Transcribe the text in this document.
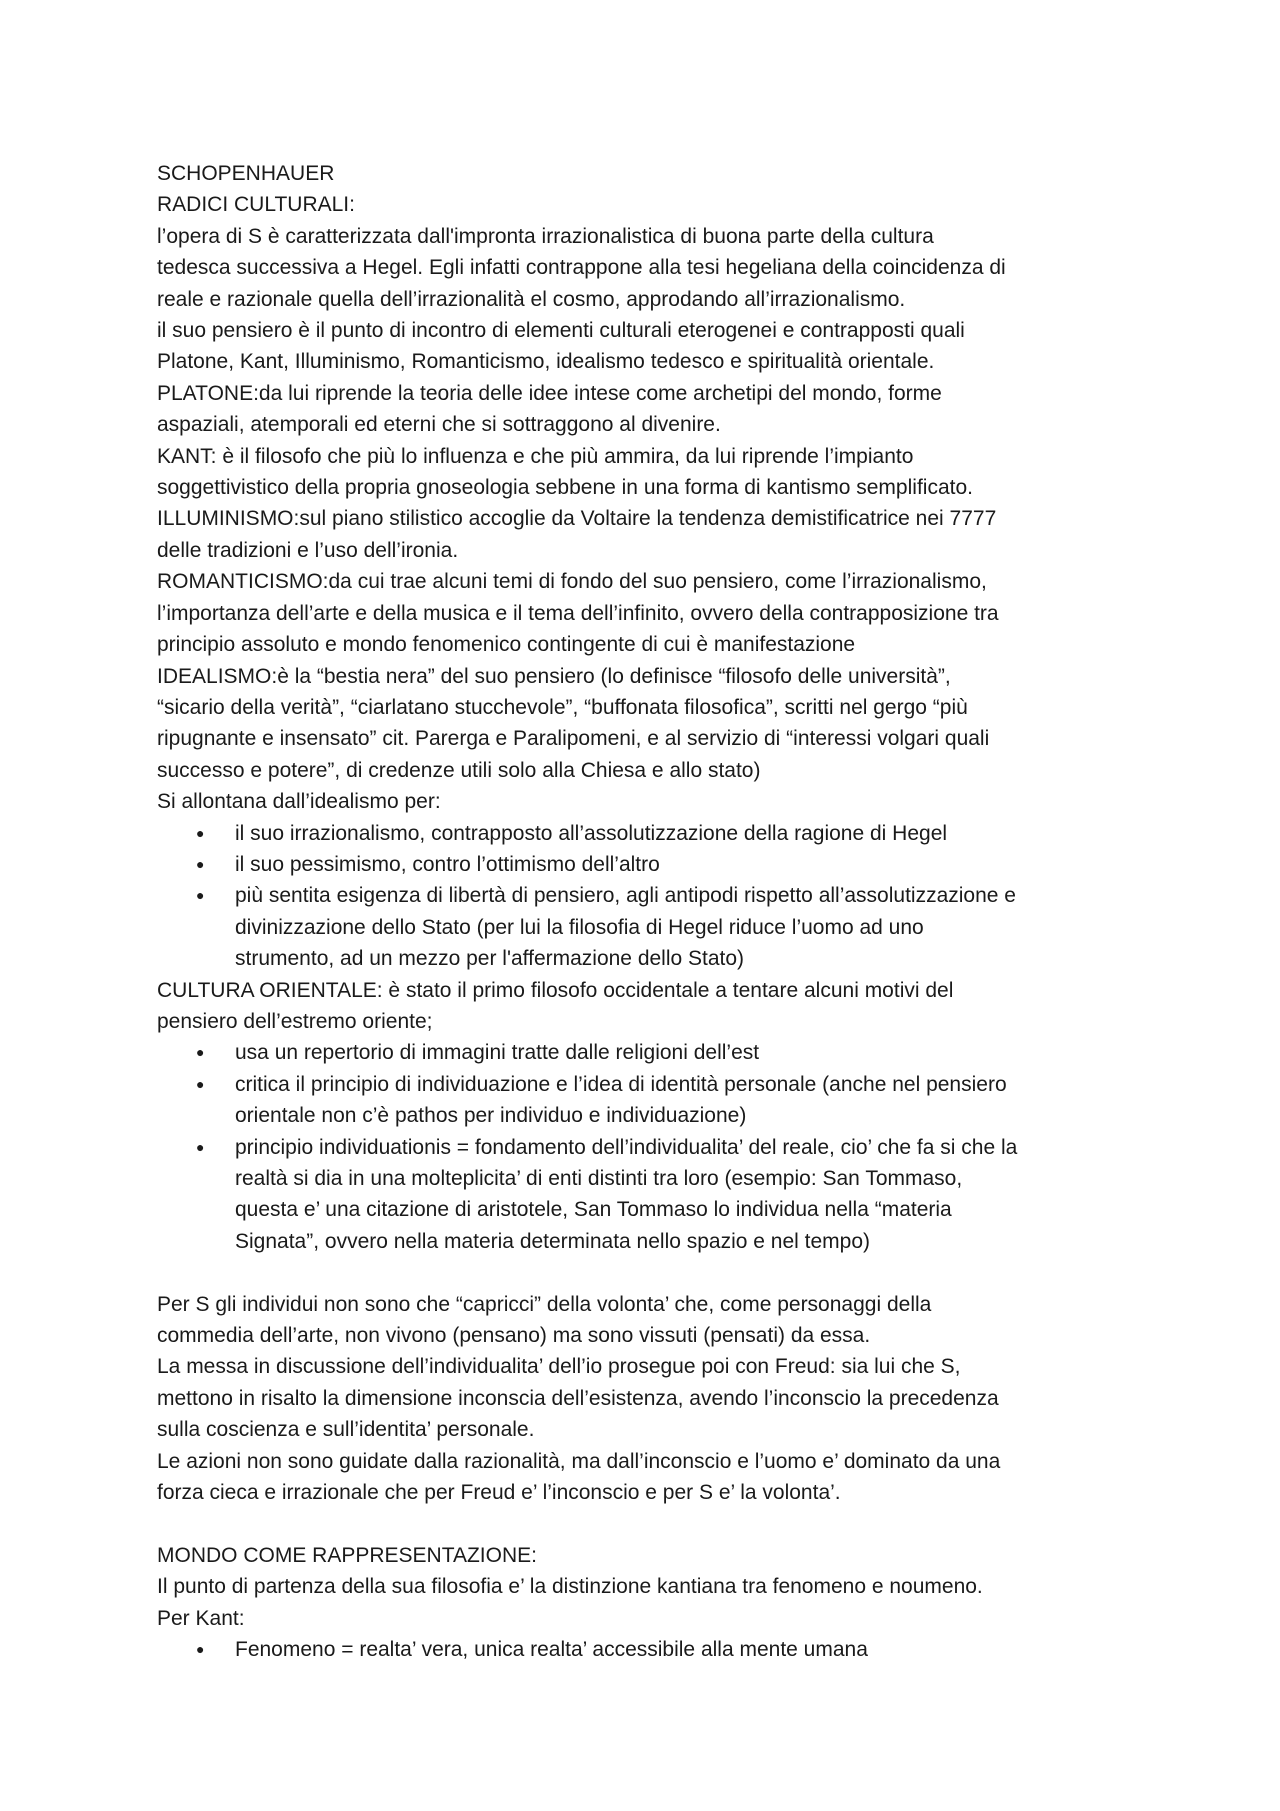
SCHOPENHAUER
RADICI CULTURALI:
l’opera di S è caratterizzata dall'impronta irrazionalistica di buona parte della cultura
tedesca successiva a Hegel. Egli infatti contrappone alla tesi hegeliana della coincidenza di
reale e razionale quella dell’irrazionalità el cosmo, approdando all’irrazionalismo.
il suo pensiero è il punto di incontro di elementi culturali eterogenei e contrapposti quali
Platone, Kant, Illuminismo, Romanticismo, idealismo tedesco e spiritualità orientale.
PLATONE:da lui riprende la teoria delle idee intese come archetipi del mondo, forme
aspaziali, atemporali ed eterni che si sottraggono al divenire.
KANT: è il filosofo che più lo influenza e che più ammira, da lui riprende l’impianto
soggettivistico della propria gnoseologia sebbene in una forma di kantismo semplificato.
ILLUMINISMO:sul piano stilistico accoglie da Voltaire la tendenza demistificatrice nei 7777
delle tradizioni e l’uso dell’ironia.
ROMANTICISMO:da cui trae alcuni temi di fondo del suo pensiero, come l’irrazionalismo,
l’importanza dell’arte e della musica e il tema dell’infinito, ovvero della contrapposizione tra
principio assoluto e mondo fenomenico contingente di cui è manifestazione
IDEALISMO:è la “bestia nera” del suo pensiero (lo definisce “filosofo delle università”,
“sicario della verità”, “ciarlatano stucchevole”, “buffonata filosofica”, scritti nel gergo “più
ripugnante e insensato” cit. Parerga e Paralipomeni, e al servizio di “interessi volgari quali
successo e potere”, di credenze utili solo alla Chiesa e allo stato)
Si allontana dall’idealismo per:
● il suo irrazionalismo, contrapposto all’assolutizzazione della ragione di Hegel
● il suo pessimismo, contro l’ottimismo dell’altro
● più sentita esigenza di libertà di pensiero, agli antipodi rispetto all’assolutizzazione e
divinizzazione dello Stato (per lui la filosofia di Hegel riduce l’uomo ad uno
strumento, ad un mezzo per l'affermazione dello Stato)
CULTURA ORIENTALE: è stato il primo filosofo occidentale a tentare alcuni motivi del
pensiero dell’estremo oriente;
● usa un repertorio di immagini tratte dalle religioni dell’est
● critica il principio di individuazione e l’idea di identità personale (anche nel pensiero
orientale non c’è pathos per individuo e individuazione)
● principio individuationis = fondamento dell’individualita’ del reale, cio’ che fa si che la
realtà si dia in una molteplicita’ di enti distinti tra loro (esempio: San Tommaso,
questa e’ una citazione di aristotele, San Tommaso lo individua nella “materia
Signata”, ovvero nella materia determinata nello spazio e nel tempo)
Per S gli individui non sono che “capricci” della volonta’ che, come personaggi della
commedia dell’arte, non vivono (pensano) ma sono vissuti (pensati) da essa.
La messa in discussione dell’individualita’ dell’io prosegue poi con Freud: sia lui che S,
mettono in risalto la dimensione inconscia dell’esistenza, avendo l’inconscio la precedenza
sulla coscienza e sull’identita’ personale.
Le azioni non sono guidate dalla razionalità, ma dall’inconscio e l’uomo e’ dominato da una
forza cieca e irrazionale che per Freud e’ l’inconscio e per S e’ la volonta’.
MONDO COME RAPPRESENTAZIONE:
Il punto di partenza della sua filosofia e’ la distinzione kantiana tra fenomeno e noumeno.
Per Kant:
● Fenomeno = realta’ vera, unica realta’ accessibile alla mente umana
